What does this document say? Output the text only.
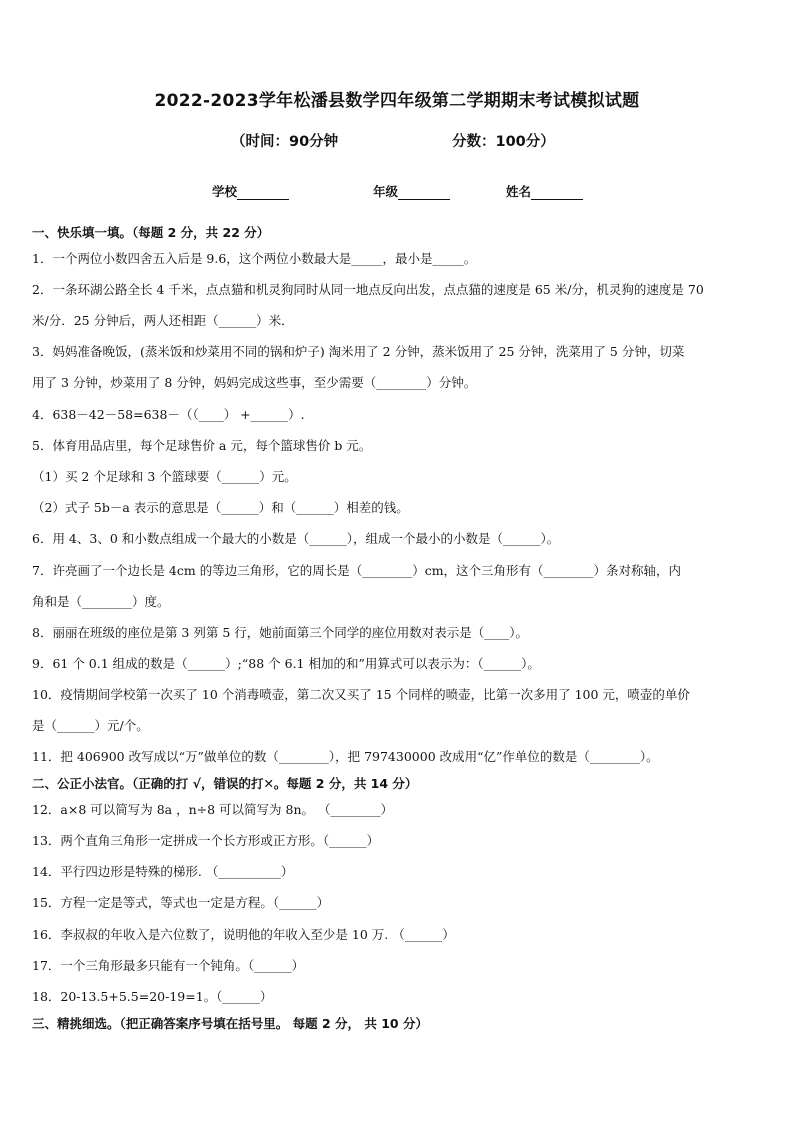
2022-2023学年松潘县数学四年级第二学期期末考试模拟试题
（时间：90分钟	分数：100分）
学校	年级	姓名
一、快乐填一填。（每题 2 分，共 22 分）
1．一个两位小数四舍五入后是 9.6，这个两位小数最大是_____，最小是_____。
2．一条环湖公路全长 4 千米，点点猫和机灵狗同时从同一地点反向出发，点点猫的速度是 65 米/分，机灵狗的速度是 70
米/分．25 分钟后，两人还相距（______）米．
3．妈妈准备晚饭，(蒸米饭和炒菜用不同的锅和炉子) 淘米用了 2 分钟，蒸米饭用了 25 分钟，洗菜用了 5 分钟，切菜
用了 3 分钟，炒菜用了 8 分钟，妈妈完成这些事，至少需要（________）分钟。
4．638－42－58=638－（（____） +______）.
5．体育用品店里，每个足球售价 a 元，每个篮球售价 b 元。
（1）买 2 个足球和 3 个篮球要（______）元。
（2）式子 5b－a 表示的意思是（______）和（______）相差的钱。
6．用 4、3、0 和小数点组成一个最大的小数是（______），组成一个最小的小数是（______）。
7．许亮画了一个边长是 4cm 的等边三角形，它的周长是（________）cm，这个三角形有（________）条对称轴，内
角和是（________）度。
8．丽丽在班级的座位是第 3 列第 5 行，她前面第三个同学的座位用数对表示是（____）。
9．61 个 0.1 组成的数是（______）;“88 个 6.1 相加的和”用算式可以表示为：（______）。
10．疫情期间学校第一次买了 10 个消毒喷壶，第二次又买了 15 个同样的喷壶，比第一次多用了 100 元，喷壶的单价
是（______）元/个。
11．把 406900 改写成以“万”做单位的数（________），把 797430000 改成用“亿”作单位的数是（________）。
二、公正小法官。（正确的打 √，错误的打✕。每题 2 分，共 14 分）
12．a×8 可以简写为 8a ，n÷8 可以简写为 8n。 （________）
13．两个直角三角形一定拼成一个长方形或正方形。（______）
14．平行四边形是特殊的梯形. （__________）
15．方程一定是等式，等式也一定是方程。（______）
16．李叔叔的年收入是六位数了，说明他的年收入至少是 10 万. （______）
17．一个三角形最多只能有一个钝角。（______）
18．20-13.5+5.5=20-19=1。（______）
三、精挑细选。（把正确答案序号填在括号里。 每题 2 分， 共 10 分）
